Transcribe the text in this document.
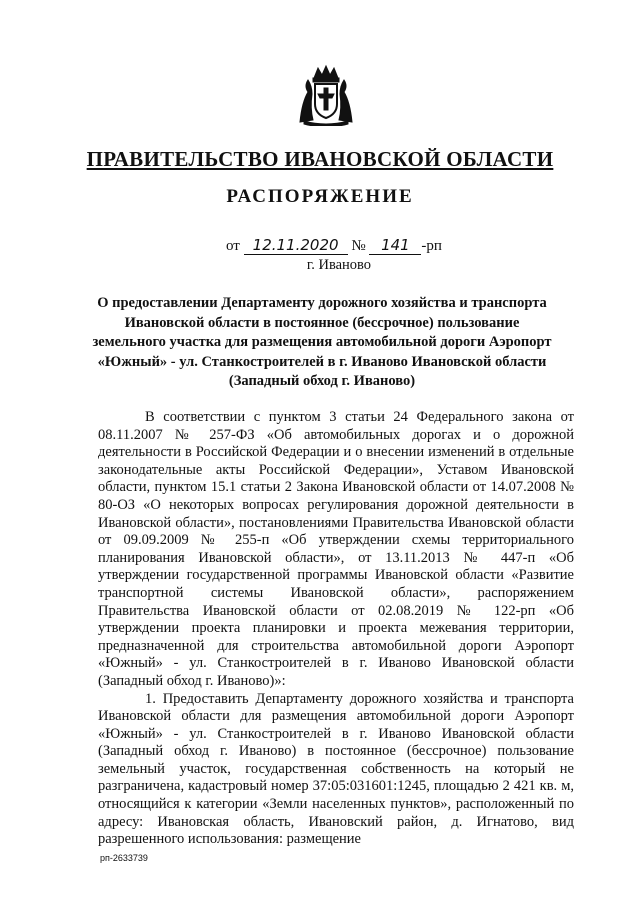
ПРАВИТЕЛЬСТВО ИВАНОВСКОЙ ОБЛАСТИ
РАСПОРЯЖЕНИЕ
от 12.11.2020 № 141 -рп
г. Иваново
О предоставлении Департаменту дорожного хозяйства и транспорта Ивановской области в постоянное (бессрочное) пользование земельного участка для размещения автомобильной дороги Аэропорт «Южный» - ул. Станкостроителей в г. Иваново Ивановской области (Западный обход г. Иваново)

В соответствии с пунктом 3 статьи 24 Федерального закона от 08.11.2007 № 257-ФЗ «Об автомобильных дорогах и о дорожной деятельности в Российской Федерации и о внесении изменений в отдельные законодательные акты Российской Федерации», Уставом Ивановской области, пунктом 15.1 статьи 2 Закона Ивановской области от 14.07.2008 № 80-ОЗ «О некоторых вопросах регулирования дорожной деятельности в Ивановской области», постановлениями Правительства Ивановской области от 09.09.2009 № 255-п «Об утверждении схемы территориального планирования Ивановской области», от 13.11.2013 № 447-п «Об утверждении государственной программы Ивановской области «Развитие транспортной системы Ивановской области», распоряжением Правительства Ивановской области от 02.08.2019 № 122-рп «Об утверждении проекта планировки и проекта межевания территории, предназначенной для строительства автомобильной дороги Аэропорт «Южный» - ул. Станкостроителей в г. Иваново Ивановской области (Западный обход г. Иваново)»:

1. Предоставить Департаменту дорожного хозяйства и транспорта Ивановской области для размещения автомобильной дороги Аэропорт «Южный» - ул. Станкостроителей в г. Иваново Ивановской области (Западный обход г. Иваново) в постоянное (бессрочное) пользование земельный участок, государственная собственность на который не разграничена, кадастровый номер 37:05:031601:1245, площадью 2 421 кв. м, относящийся к категории «Земли населенных пунктов», расположенный по адресу: Ивановская область, Ивановский район, д. Игнатово, вид разрешенного использования: размещение

рп-2633739
